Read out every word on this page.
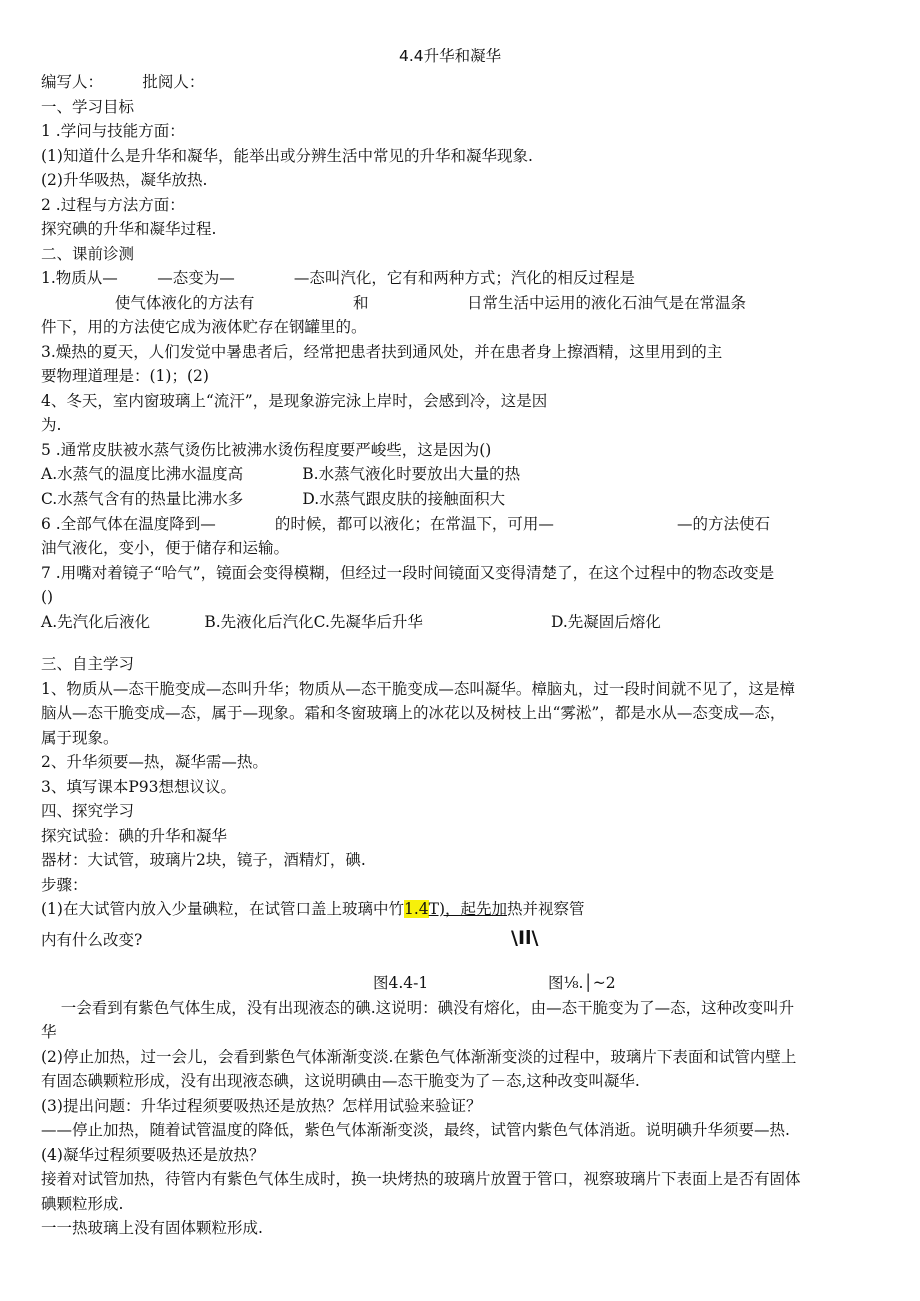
4.4升华和凝华
编写人：        批阅人：
一、学习目标
1 .学问与技能方面：
(1)知道什么是升华和凝华，能举出或分辨生活中常见的升华和凝华现象.
(2)升华吸热，凝华放热.
2 .过程与方法方面：
探究碘的升华和凝华过程.
二、课前诊测
1.物质从—        —态变为—            —态叫汽化，它有和两种方式；汽化的相反过程是
使气体液化的方法有                    和                    日常生活中运用的液化石油气是在常温条
件下，用的方法使它成为液体贮存在钢罐里的。
3.燥热的夏天，人们发觉中暑患者后，经常把患者扶到通风处，并在患者身上擦酒精，这里用到的主
要物理道理是：(1)；(2)
4、冬天，室内窗玻璃上“流汗”，是现象游完泳上岸时，会感到冷，这是因
为.
5 .通常皮肤被水蒸气烫伤比被沸水烫伤程度要严峻些，这是因为()
A.水蒸气的温度比沸水温度高            B.水蒸气液化时要放出大量的热
C.水蒸气含有的热量比沸水多            D.水蒸气跟皮肤的接触面积大
6 .全部气体在温度降到—            的时候，都可以液化；在常温下，可用—                         —的方法使石
油气液化，变小，便于储存和运输。
7 .用嘴对着镜子“哈气”，镜面会变得模糊，但经过一段时间镜面又变得清楚了，在这个过程中的物态改变是
()
A.先汽化后液化           B.先液化后汽化C.先凝华后升华                          D.先凝固后熔化
三、自主学习
1、物质从—态干脆变成—态叫升华；物质从—态干脆变成—态叫凝华。樟脑丸，过一段时间就不见了，这是樟
脑从—态干脆变成—态，属于—现象。霜和冬窗玻璃上的冰花以及树枝上出“雾淞”，都是水从—态变成—态，
属于现象。
2、升华须要—热，凝华需—热。
3、填写课本P93想想议议。
四、探究学习
探究试验：碘的升华和凝华
器材：大试管，玻璃片2块，镜子，酒精灯，碘.
步骤：
(1)在大试管内放入少量碘粒，在试管口盖上玻璃中竹1.4T)，起先加热并视察管
内有什么改变?	\Il\
图4.4-1	图⅛.│~2
一会看到有紫色气体生成，没有出现液态的碘.这说明：碘没有熔化，由—态干脆变为了—态，这种改变叫升
华
(2)停止加热，过一会儿，会看到紫色气体渐渐变淡.在紫色气体渐渐变淡的过程中，玻璃片下表面和试管内壁上
有固态碘颗粒形成，没有出现液态碘，这说明碘由—态干脆变为了－态,这种改变叫凝华.
(3)提出问题：升华过程须要吸热还是放热？怎样用试验来验证？
——停止加热，随着试管温度的降低，紫色气体渐渐变淡，最终，试管内紫色气体消逝。说明碘升华须要—热.
(4)凝华过程须要吸热还是放热？
接着对试管加热，待管内有紫色气体生成时，换一块烤热的玻璃片放置于管口，视察玻璃片下表面上是否有固体
碘颗粒形成.
一一热玻璃上没有固体颗粒形成.
